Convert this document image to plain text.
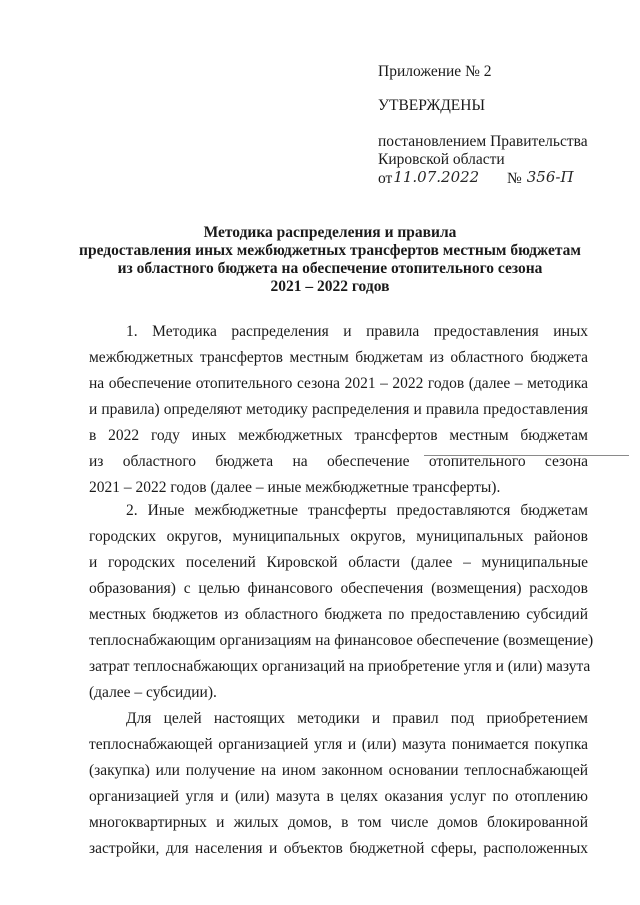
Приложение № 2
УТВЕРЖДЕНЫ
постановлением Правительства
Кировской области
от11.07.2022 № 356-П
Методика распределения и правила
предоставления иных межбюджетных трансфертов местным бюджетам
из областного бюджета на обеспечение отопительного сезона
2021 – 2022 годов
1. Методика распределения и правила предоставления иных
межбюджетных трансфертов местным бюджетам из областного бюджета
на обеспечение отопительного сезона 2021 – 2022 годов (далее – методика
и правила) определяют методику распределения и правила предоставления
в 2022 году иных межбюджетных трансфертов местным бюджетам
из областного бюджета на обеспечение отопительного сезона
2021 – 2022 годов (далее – иные межбюджетные трансферты).
2. Иные межбюджетные трансферты предоставляются бюджетам
городских округов, муниципальных округов, муниципальных районов
и городских поселений Кировской области (далее – муниципальные
образования) с целью финансового обеспечения (возмещения) расходов
местных бюджетов из областного бюджета по предоставлению субсидий
теплоснабжающим организациям на финансовое обеспечение (возмещение)
затрат теплоснабжающих организаций на приобретение угля и (или) мазута
(далее – субсидии).
Для целей настоящих методики и правил под приобретением
теплоснабжающей организацией угля и (или) мазута понимается покупка
(закупка) или получение на ином законном основании теплоснабжающей
организацией угля и (или) мазута в целях оказания услуг по отоплению
многоквартирных и жилых домов, в том числе домов блокированной
застройки, для населения и объектов бюджетной сферы, расположенных
